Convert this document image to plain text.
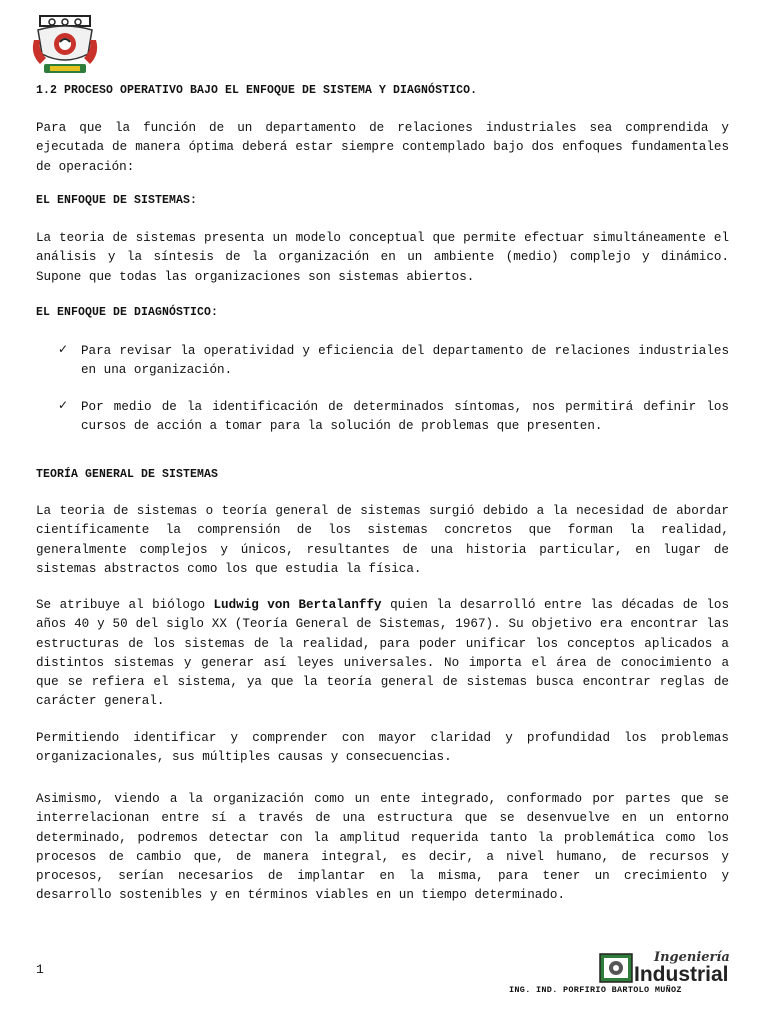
1.2 PROCESO OPERATIVO BAJO EL ENFOQUE DE SISTEMA Y DIAGNÓSTICO.

Para que la función de un departamento de relaciones industriales sea comprendida y ejecutada de manera óptima deberá estar siempre contemplado bajo dos enfoques fundamentales de operación:

EL ENFOQUE DE SISTEMAS:

La teoria de sistemas presenta un modelo conceptual que permite efectuar simultáneamente el análisis y la síntesis de la organización en un ambiente (medio) complejo y dinámico. Supone que todas las organizaciones son sistemas abiertos.

EL ENFOQUE DE DIAGNÓSTICO:
✓ Para revisar la operatividad y eficiencia del departamento de relaciones industriales en una organización.
✓ Por medio de la identificación de determinados síntomas, nos permitirá definir los cursos de acción a tomar para la solución de problemas que presenten.
TEORÍA GENERAL DE SISTEMAS

La teoria de sistemas o teoría general de sistemas surgió debido a la necesidad de abordar científicamente la comprensión de los sistemas concretos que forman la realidad, generalmente complejos y únicos, resultantes de una historia particular, en lugar de sistemas abstractos como los que estudia la física.

Se atribuye al biólogo Ludwig von Bertalanffy quien la desarrolló entre las décadas de los años 40 y 50 del siglo XX (Teoría General de Sistemas, 1967). Su objetivo era encontrar las estructuras de los sistemas de la realidad, para poder unificar los conceptos aplicados a distintos sistemas y generar así leyes universales. No importa el área de conocimiento a que se refiera el sistema, ya que la teoría general de sistemas busca encontrar reglas de carácter general.

Permitiendo identificar y comprender con mayor claridad y profundidad los problemas organizacionales, sus múltiples causas y consecuencias.

Asimismo, viendo a la organización como un ente integrado, conformado por partes que se interrelacionan entre sí a través de una estructura que se desenvuelve en un entorno determinado, podremos detectar con la amplitud requerida tanto la problemática como los procesos de cambio que, de manera integral, es decir, a nivel humano, de recursos y procesos, serían necesarios de implantar en la misma, para tener un crecimiento y desarrollo sostenibles y en términos viables en un tiempo determinado.

1
Ingeniería
Industrial
ING. IND. PORFIRIO BARTOLO MUÑOZ
